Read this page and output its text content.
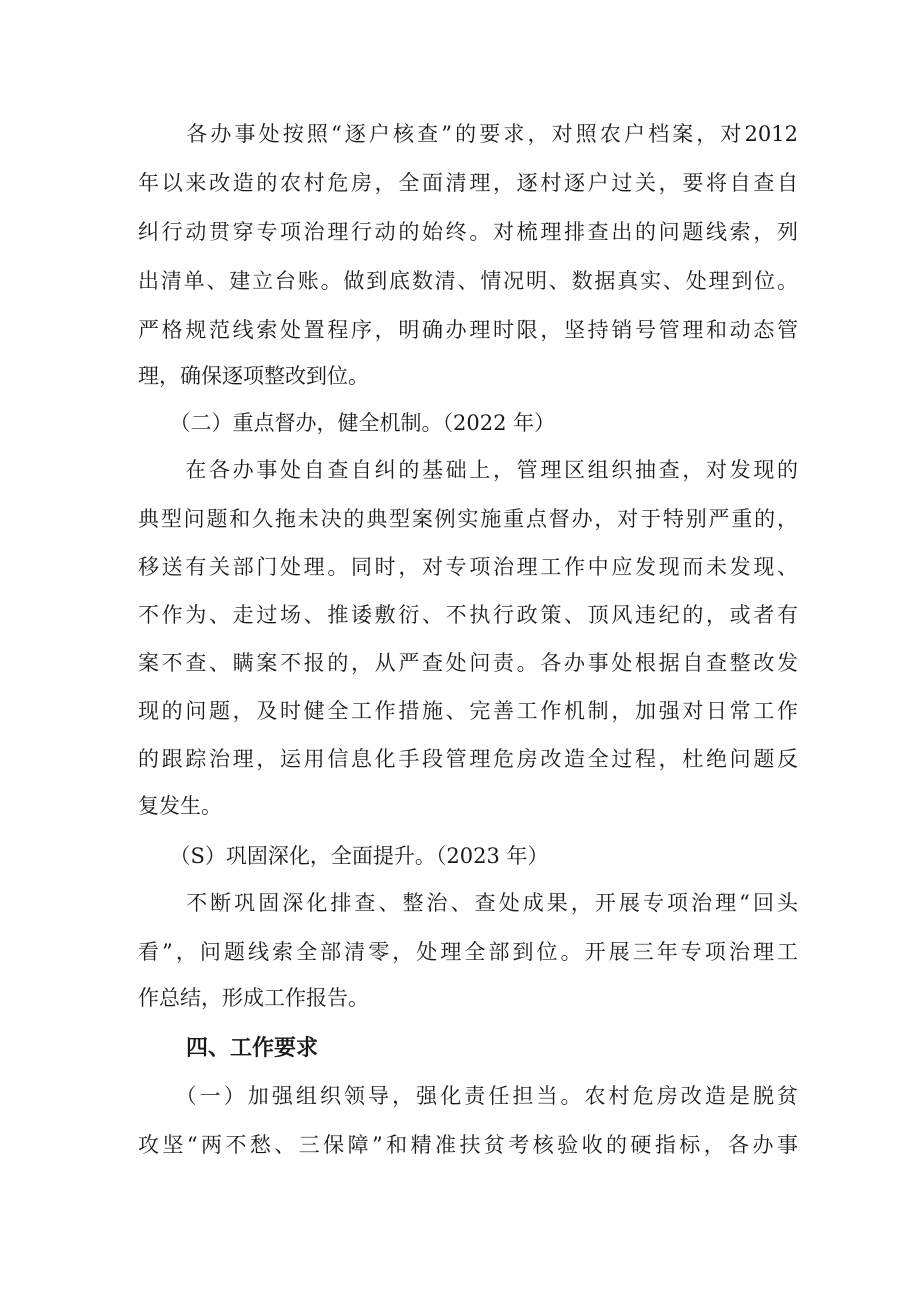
　　各办事处按照“逐户核查”的要求，对照农户档案，对2012
年以来改造的农村危房，全面清理，逐村逐户过关，要将自查自
纠行动贯穿专项治理行动的始终。对梳理排查出的问题线索，列
出清单、建立台账。做到底数清、情况明、数据真实、处理到位。
严格规范线索处置程序，明确办理时限，坚持销号管理和动态管
理，确保逐项整改到位。
　　（二）重点督办，健全机制。（2022 年）
　　在各办事处自查自纠的基础上，管理区组织抽查，对发现的
典型问题和久拖未决的典型案例实施重点督办，对于特别严重的，
移送有关部门处理。同时，对专项治理工作中应发现而未发现、
不作为、走过场、推诿敷衍、不执行政策、顶风违纪的，或者有
案不查、瞒案不报的，从严查处问责。各办事处根据自查整改发
现的问题，及时健全工作措施、完善工作机制，加强对日常工作
的跟踪治理，运用信息化手段管理危房改造全过程，杜绝问题反
复发生。
　　（S）巩固深化，全面提升。（2023 年）
　　不断巩固深化排查、整治、查处成果，开展专项治理“回头
看”，问题线索全部清零，处理全部到位。开展三年专项治理工
作总结，形成工作报告。
四、工作要求
　　（一）加强组织领导，强化责任担当。农村危房改造是脱贫
攻坚“两不愁、三保障”和精准扶贫考核验收的硬指标，各办事
